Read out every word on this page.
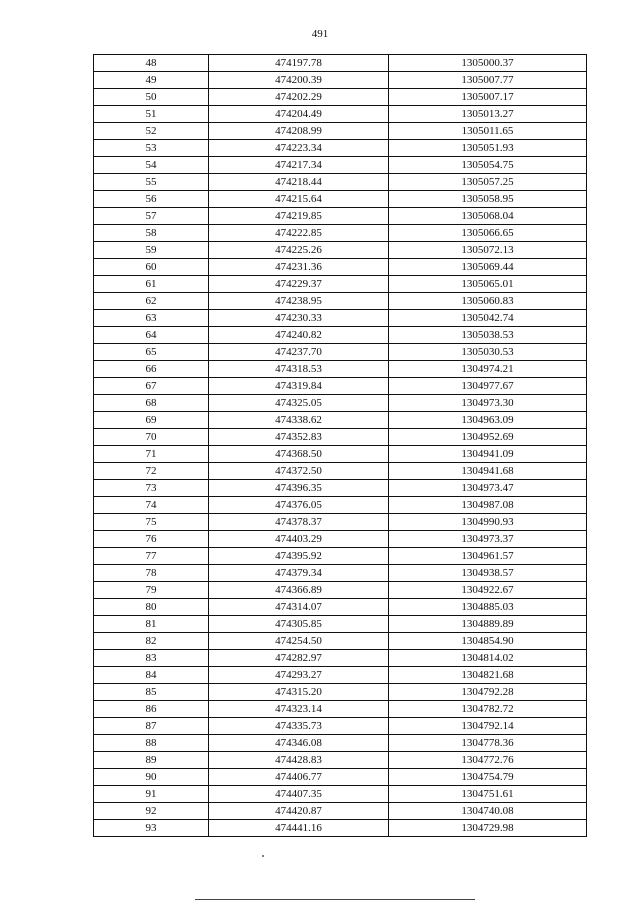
491
48	474197.78	1305000.37
49	474200.39	1305007.77
50	474202.29	1305007.17
51	474204.49	1305013.27
52	474208.99	1305011.65
53	474223.34	1305051.93
54	474217.34	1305054.75
55	474218.44	1305057.25
56	474215.64	1305058.95
57	474219.85	1305068.04
58	474222.85	1305066.65
59	474225.26	1305072.13
60	474231.36	1305069.44
61	474229.37	1305065.01
62	474238.95	1305060.83
63	474230.33	1305042.74
64	474240.82	1305038.53
65	474237.70	1305030.53
66	474318.53	1304974.21
67	474319.84	1304977.67
68	474325.05	1304973.30
69	474338.62	1304963.09
70	474352.83	1304952.69
71	474368.50	1304941.09
72	474372.50	1304941.68
73	474396.35	1304973.47
74	474376.05	1304987.08
75	474378.37	1304990.93
76	474403.29	1304973.37
77	474395.92	1304961.57
78	474379.34	1304938.57
79	474366.89	1304922.67
80	474314.07	1304885.03
81	474305.85	1304889.89
82	474254.50	1304854.90
83	474282.97	1304814.02
84	474293.27	1304821.68
85	474315.20	1304792.28
86	474323.14	1304782.72
87	474335.73	1304792.14
88	474346.08	1304778.36
89	474428.83	1304772.76
90	474406.77	1304754.79
91	474407.35	1304751.61
92	474420.87	1304740.08
93	474441.16	1304729.98
